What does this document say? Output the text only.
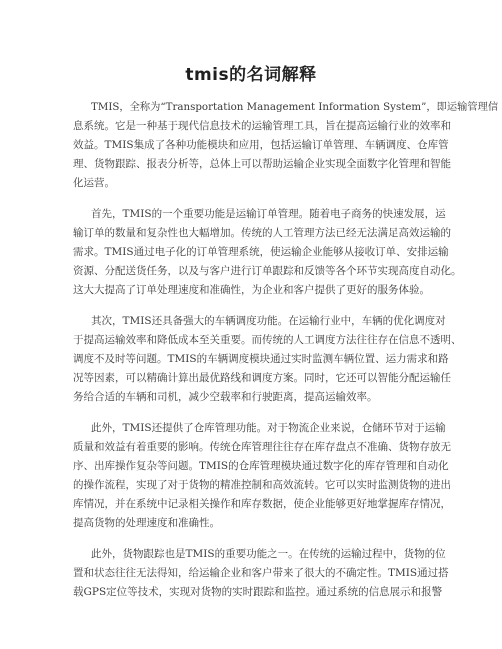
tmis的名词解释
TMIS，全称为“Transportation Management Information System”，即运输管理信
息系统。它是一种基于现代信息技术的运输管理工具，旨在提高运输行业的效率和
效益。TMIS集成了各种功能模块和应用，包括运输订单管理、车辆调度、仓库管
理、货物跟踪、报表分析等，总体上可以帮助运输企业实现全面数字化管理和智能
化运营。
首先，TMIS的一个重要功能是运输订单管理。随着电子商务的快速发展，运
输订单的数量和复杂性也大幅增加。传统的人工管理方法已经无法满足高效运输的
需求。TMIS通过电子化的订单管理系统，使运输企业能够从接收订单、安排运输
资源、分配送货任务，以及与客户进行订单跟踪和反馈等各个环节实现高度自动化。
这大大提高了订单处理速度和准确性，为企业和客户提供了更好的服务体验。
其次，TMIS还具备强大的车辆调度功能。在运输行业中，车辆的优化调度对
于提高运输效率和降低成本至关重要。而传统的人工调度方法往往存在信息不透明、
调度不及时等问题。TMIS的车辆调度模块通过实时监测车辆位置、运力需求和路
况等因素，可以精确计算出最优路线和调度方案。同时，它还可以智能分配运输任
务给合适的车辆和司机，减少空载率和行驶距离，提高运输效率。
此外，TMIS还提供了仓库管理功能。对于物流企业来说，仓储环节对于运输
质量和效益有着重要的影响。传统仓库管理往往存在库存盘点不准确、货物存放无
序、出库操作复杂等问题。TMIS的仓库管理模块通过数字化的库存管理和自动化
的操作流程，实现了对于货物的精准控制和高效流转。它可以实时监测货物的进出
库情况，并在系统中记录相关操作和库存数据，使企业能够更好地掌握库存情况，
提高货物的处理速度和准确性。
此外，货物跟踪也是TMIS的重要功能之一。在传统的运输过程中，货物的位
置和状态往往无法得知，给运输企业和客户带来了很大的不确定性。TMIS通过搭
载GPS定位等技术，实现对货物的实时跟踪和监控。通过系统的信息展示和报警
